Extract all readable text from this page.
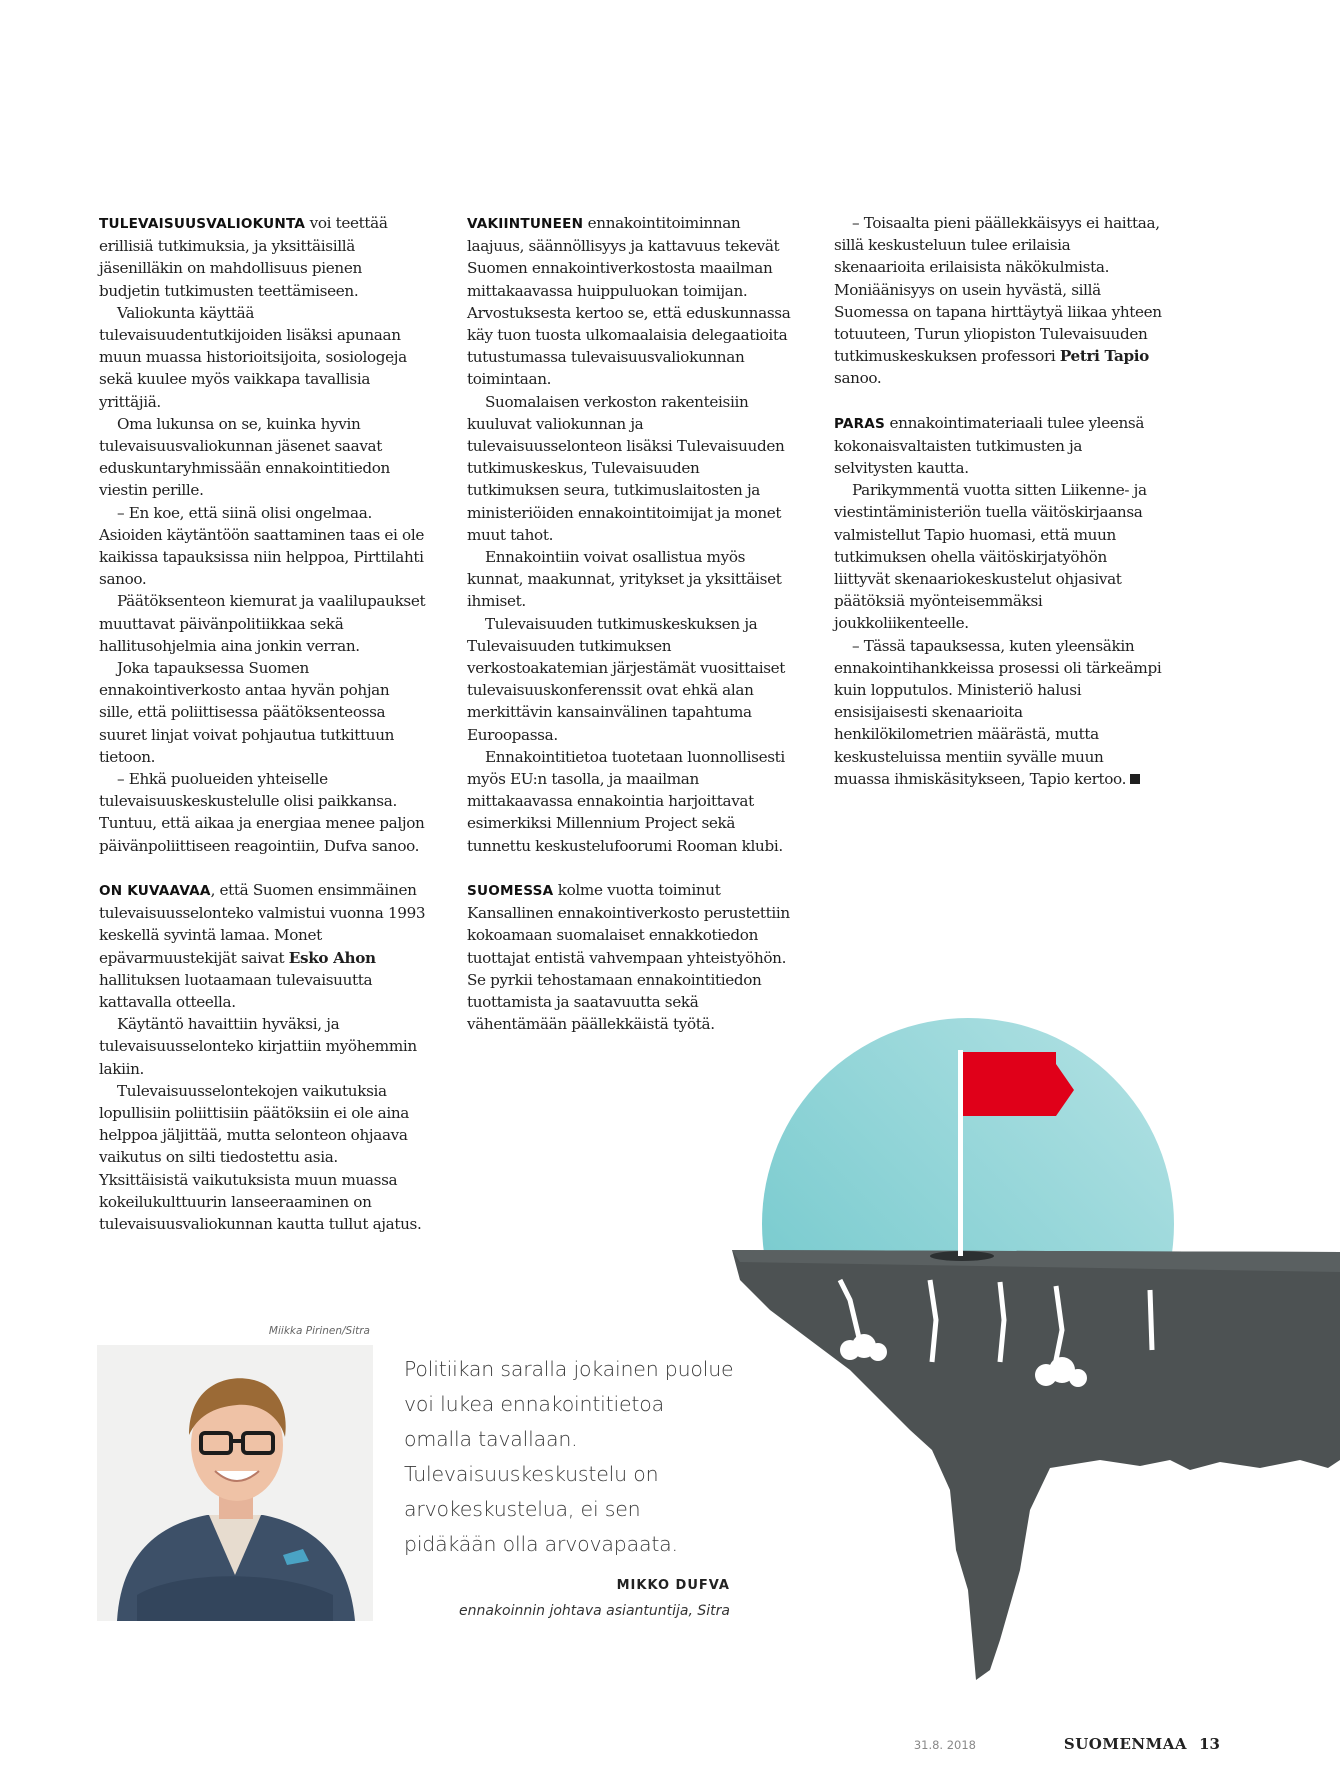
TULEVAISUUSVALIOKUNTA voi teettää erillisiä tutkimuksia, ja yksittäisillä jäsenilläkin on mahdollisuus pienen budjetin tutkimusten teettämiseen.

Valiokunta käyttää tulevaisuudentutkijoiden lisäksi apunaan muun muassa historioitsijoita, sosiologeja sekä kuulee myös vaikkapa tavallisia yrittäjiä.

Oma lukunsa on se, kuinka hyvin tulevaisuusvaliokunnan jäsenet saavat eduskuntaryhmissään ennakointitiedon viestin perille.

– En koe, että siinä olisi ongelmaa. Asioiden käytäntöön saattaminen taas ei ole kaikissa tapauksissa niin helppoa, Pirttilahti sanoo.

Päätöksenteon kiemurat ja vaalilupaukset muuttavat päivänpolitiikkaa sekä hallitusohjelmia aina jonkin verran.

Joka tapauksessa Suomen ennakointiverkosto antaa hyvän pohjan sille, että poliittisessa päätöksenteossa suuret linjat voivat pohjautua tutkittuun tietoon.

– Ehkä puolueiden yhteiselle tulevaisuuskeskustelulle olisi paikkansa. Tuntuu, että aikaa ja energiaa menee paljon päivänpoliittiseen reagointiin, Dufva sanoo.

ON KUVAAVAA, että Suomen ensimmäinen tulevaisuusselonteko valmistui vuonna 1993 keskellä syvintä lamaa. Monet epävarmuustekijät saivat Esko Ahon hallituksen luotaamaan tulevaisuutta kattavalla otteella.

Käytäntö havaittiin hyväksi, ja tulevaisuusselonteko kirjattiin myöhemmin lakiin.

Tulevaisuusselontekojen vaikutuksia lopullisiin poliittisiin päätöksiin ei ole aina helppoa jäljittää, mutta selonteon ohjaava vaikutus on silti tiedostettu asia. Yksittäisistä vaikutuksista muun muassa kokeilukulttuurin lanseeraaminen on tulevaisuusvaliokunnan kautta tullut ajatus.

VAKIINTUNEEN ennakointitoiminnan laajuus, säännöllisyys ja kattavuus tekevät Suomen ennakointiverkostosta maailman mittakaavassa huippuluokan toimijan. Arvostuksesta kertoo se, että eduskunnassa käy tuon tuosta ulkomaalaisia delegaatioita tutustumassa tulevaisuusvaliokunnan toimintaan.

Suomalaisen verkoston rakenteisiin kuuluvat valiokunnan ja tulevaisuusselonteon lisäksi Tulevaisuuden tutkimuskeskus, Tulevaisuuden tutkimuksen seura, tutkimuslaitosten ja ministeriöiden ennakointitoimijat ja monet muut tahot.

Ennakointiin voivat osallistua myös kunnat, maakunnat, yritykset ja yksittäiset ihmiset.

Tulevaisuuden tutkimuskeskuksen ja Tulevaisuuden tutkimuksen verkostoakatemian järjestämät vuosittaiset tulevaisuuskonferenssit ovat ehkä alan merkittävin kansainvälinen tapahtuma Euroopassa.

Ennakointitietoa tuotetaan luonnollisesti myös EU:n tasolla, ja maailman mittakaavassa ennakointia harjoittavat esimerkiksi Millennium Project sekä tunnettu keskustelufoorumi Rooman klubi.

SUOMESSA kolme vuotta toiminut Kansallinen ennakointiverkosto perustettiin kokoamaan suomalaiset ennakkotiedon tuottajat entistä vahvempaan yhteistyöhön. Se pyrkii tehostamaan ennakointitiedon tuottamista ja saatavuutta sekä vähentämään päällekkäistä työtä.

– Toisaalta pieni päällekkäisyys ei haittaa, sillä keskusteluun tulee erilaisia skenaarioita erilaisista näkökulmista. Moniäänisyys on usein hyvästä, sillä Suomessa on tapana hirttäytyä liikaa yhteen totuuteen, Turun yliopiston Tulevaisuuden tutkimuskeskuksen professori Petri Tapio sanoo.

PARAS ennakointimateriaali tulee yleensä kokonaisvaltaisten tutkimusten ja selvitysten kautta.

Parikymmentä vuotta sitten Liikenne- ja viestintäministeriön tuella väitöskirjaansa valmistellut Tapio huomasi, että muun tutkimuksen ohella väitöskirjatyöhön liittyvät skenaariokeskustelut ohjasivat päätöksiä myönteisemmäksi joukkoliikenteelle.

– Tässä tapauksessa, kuten yleensäkin ennakointihankkeissa prosessi oli tärkeämpi kuin lopputulos. Ministeriö halusi ensisijaisesti skenaarioita henkilökilometrien määrästä, mutta keskusteluissa mentiin syvälle muun muassa ihmiskäsitykseen, Tapio kertoo.

Miikka Pirinen/Sitra
Politiikan saralla jokainen puolue voi lukea ennakointitietoa omalla tavallaan. Tulevaisuuskeskustelu on arvokeskustelua, ei sen pidäkään olla arvovapaata.
MIKKO DUFVA
ennakoinnin johtava asiantuntija, Sitra
31.8. 2018	SUOMENMAA 13
